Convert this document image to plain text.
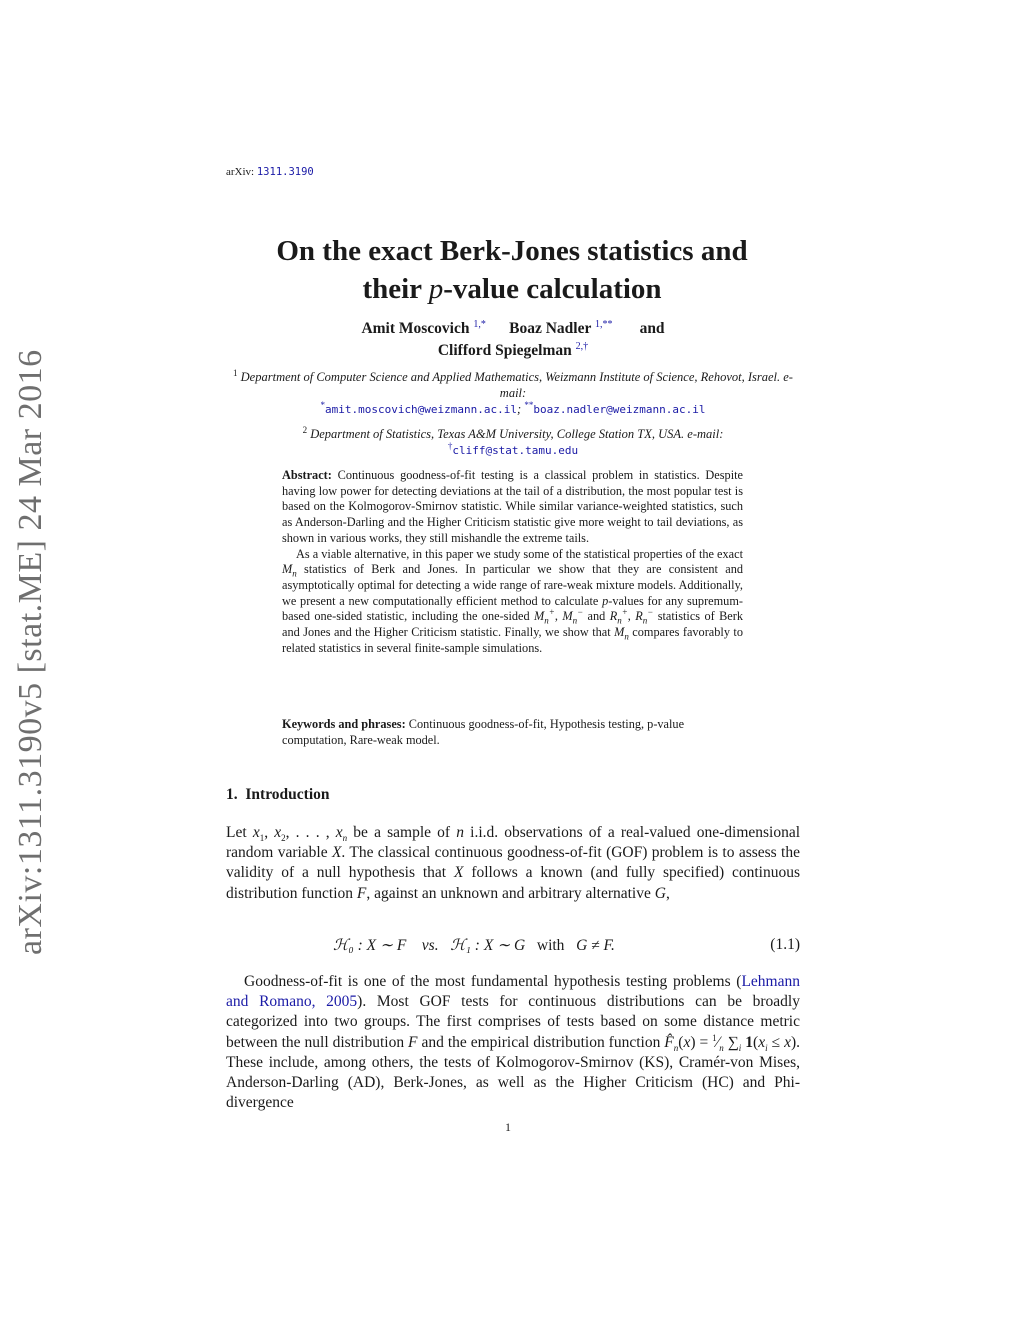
arXiv:1311.3190v5 [stat.ME] 24 Mar 2016
arXiv: 1311.3190
On the exact Berk-Jones statistics and
their p-value calculation
Amit Moscovich $^{1,*}$ Boaz Nadler $^{1,**}$ and
Clifford Spiegelman $^{2,\dagger}$
$^1$ Department of Computer Science and Applied Mathematics, Weizmann Institute of Science, Rehovot, Israel. e-mail:
*amit.moscovich@weizmann.ac.il; **boaz.nadler@weizmann.ac.il
$^2$ Department of Statistics, Texas A&M University, College Station TX, USA. e-mail:
†cliff@stat.tamu.edu

Abstract: Continuous goodness-of-fit testing is a classical problem in statistics. Despite having low power for detecting deviations at the tail of a distribution, the most popular test is based on the Kolmogorov-Smirnov statistic. While similar variance-weighted statistics, such as Anderson-Darling and the Higher Criticism statistic give more weight to tail deviations, as shown in various works, they still mishandle the extreme tails.

As a viable alternative, in this paper we study some of the statistical properties of the exact $M_n$ statistics of Berk and Jones. In particular we show that they are consistent and asymptotically optimal for detecting a wide range of rare-weak mixture models. Additionally, we present a new computationally efficient method to calculate p-values for any supremum-based one-sided statistic, including the one-sided $M_n^+$, $M_n^-$ and $R_n^+$, $R_n^-$ statistics of Berk and Jones and the Higher Criticism statistic. Finally, we show that $M_n$ compares favorably to related statistics in several finite-sample simulations.

Keywords and phrases: Continuous goodness-of-fit, Hypothesis testing, p-value computation, Rare-weak model.
1. Introduction
Let $x_1$, $x_2$, . . . , $x_n$ be a sample of n i.i.d. observations of a real-valued one-dimensional random variable X. The classical continuous goodness-of-fit (GOF) problem is to assess the validity of a null hypothesis that X follows a known (and fully specified) continuous distribution function F, against an unknown and arbitrary alternative G,
ℋ₀ : X ∼ F vs. ℋ₁ : X ∼ G with G ≠ F.	(1.1)
Goodness-of-fit is one of the most fundamental hypothesis testing problems (Lehmann and Romano, 2005). Most GOF tests for continuous distributions can be broadly categorized into two groups. The first comprises of tests based on some distance metric between the null distribution F and the empirical distribution function $F̂_n(x)$ = $^1⁄_n$ $\sum_i$ $1(x_i \le x)$. These include, among others, the tests of Kolmogorov-Smirnov (KS), Cramér-von Mises, Anderson-Darling (AD), Berk-Jones, as well as the Higher Criticism (HC) and Phi-divergence
1
